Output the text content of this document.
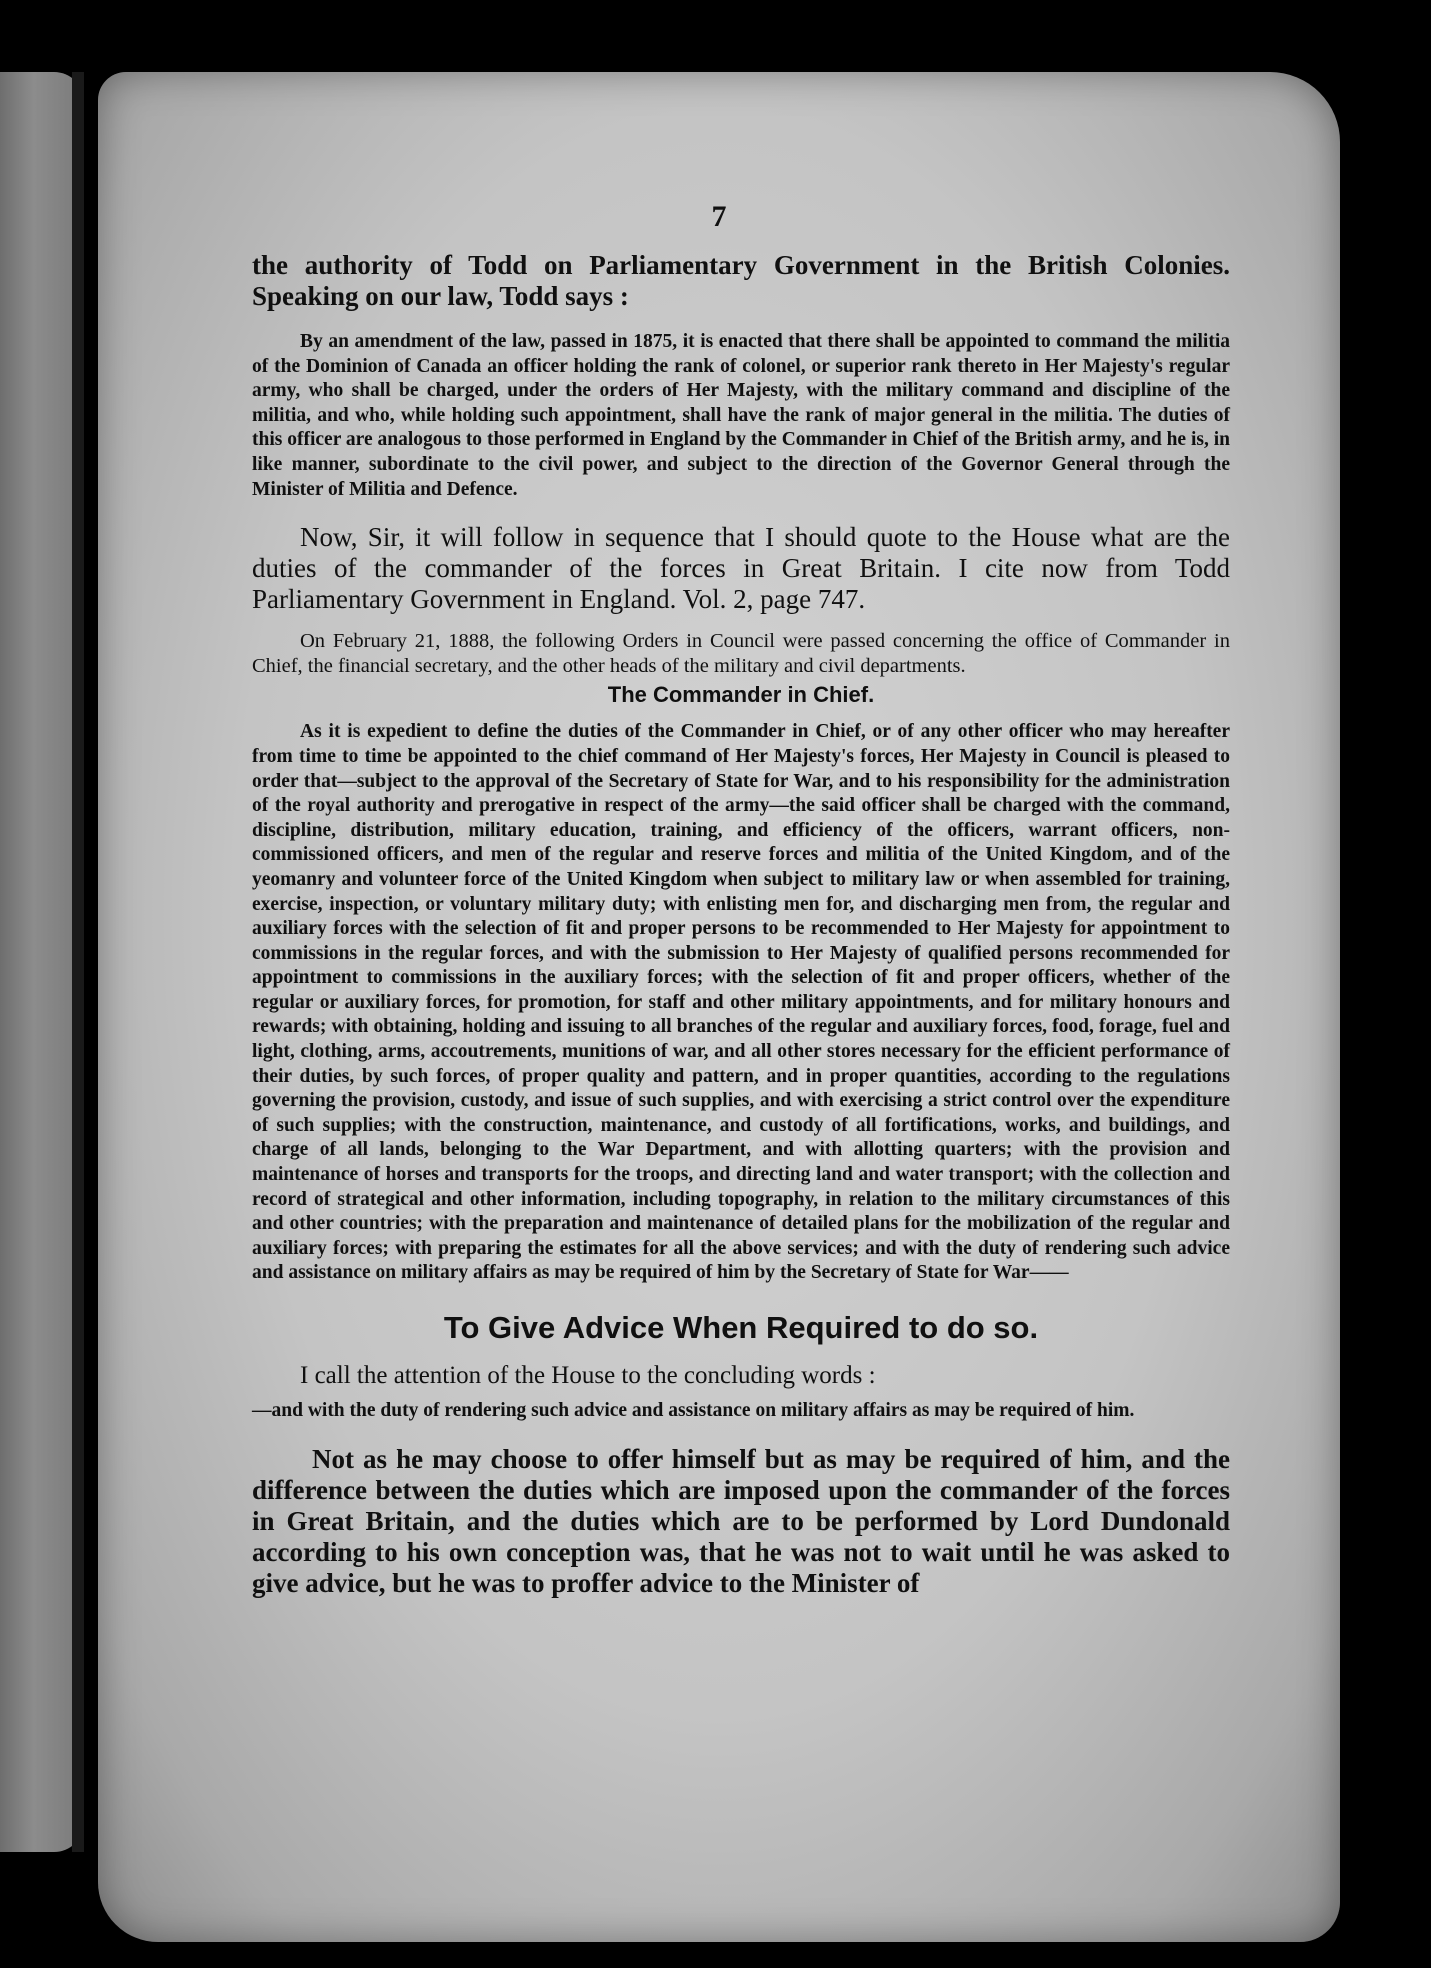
7

the authority of Todd on Parliamentary Government in the British Colonies. Speaking on our law, Todd says :

By an amendment of the law, passed in 1875, it is enacted that there shall be appointed to command the militia of the Dominion of Canada an officer holding the rank of colonel, or superior rank thereto in Her Majesty's regular army, who shall be charged, under the orders of Her Majesty, with the military command and discipline of the militia, and who, while holding such appointment, shall have the rank of major general in the militia. The duties of this officer are analogous to those performed in England by the Commander in Chief of the British army, and he is, in like manner, subordinate to the civil power, and subject to the direction of the Governor General through the Minister of Militia and Defence.

Now, Sir, it will follow in sequence that I should quote to the House what are the duties of the commander of the forces in Great Britain. I cite now from Todd Parliamentary Government in England. Vol. 2, page 747.

On February 21, 1888, the following Orders in Council were passed concerning the office of Commander in Chief, the financial secretary, and the other heads of the military and civil departments.

The Commander in Chief.

As it is expedient to define the duties of the Commander in Chief, or of any other officer who may hereafter from time to time be appointed to the chief command of Her Majesty's forces, Her Majesty in Council is pleased to order that—subject to the approval of the Secretary of State for War, and to his responsibility for the administration of the royal authority and prerogative in respect of the army—the said officer shall be charged with the command, discipline, distribution, military education, training, and efficiency of the officers, warrant officers, non-commissioned officers, and men of the regular and reserve forces and militia of the United Kingdom, and of the yeomanry and volunteer force of the United Kingdom when subject to military law or when assembled for training, exercise, inspection, or voluntary military duty; with enlisting men for, and discharging men from, the regular and auxiliary forces with the selection of fit and proper persons to be recommended to Her Majesty for appointment to commissions in the regular forces, and with the submission to Her Majesty of qualified persons recommended for appointment to commissions in the auxiliary forces; with the selection of fit and proper officers, whether of the regular or auxiliary forces, for promotion, for staff and other military appointments, and for military honours and rewards; with obtaining, holding and issuing to all branches of the regular and auxiliary forces, food, forage, fuel and light, clothing, arms, accoutrements, munitions of war, and all other stores necessary for the efficient performance of their duties, by such forces, of proper quality and pattern, and in proper quantities, according to the regulations governing the provision, custody, and issue of such supplies, and with exercising a strict control over the expenditure of such supplies; with the construction, maintenance, and custody of all fortifications, works, and buildings, and charge of all lands, belonging to the War Department, and with allotting quarters; with the provision and maintenance of horses and transports for the troops, and directing land and water transport; with the collection and record of strategical and other information, including topography, in relation to the military circumstances of this and other countries; with the preparation and maintenance of detailed plans for the mobilization of the regular and auxiliary forces; with preparing the estimates for all the above services; and with the duty of rendering such advice and assistance on military affairs as may be required of him by the Secretary of State for War——

To Give Advice When Required to do so.

I call the attention of the House to the concluding words :

—and with the duty of rendering such advice and assistance on military affairs as may be required of him.

Not as he may choose to offer himself but as may be required of him, and the difference between the duties which are imposed upon the commander of the forces in Great Britain, and the duties which are to be performed by Lord Dundonald according to his own conception was, that he was not to wait until he was asked to give advice, but he was to proffer advice to the Minister of
